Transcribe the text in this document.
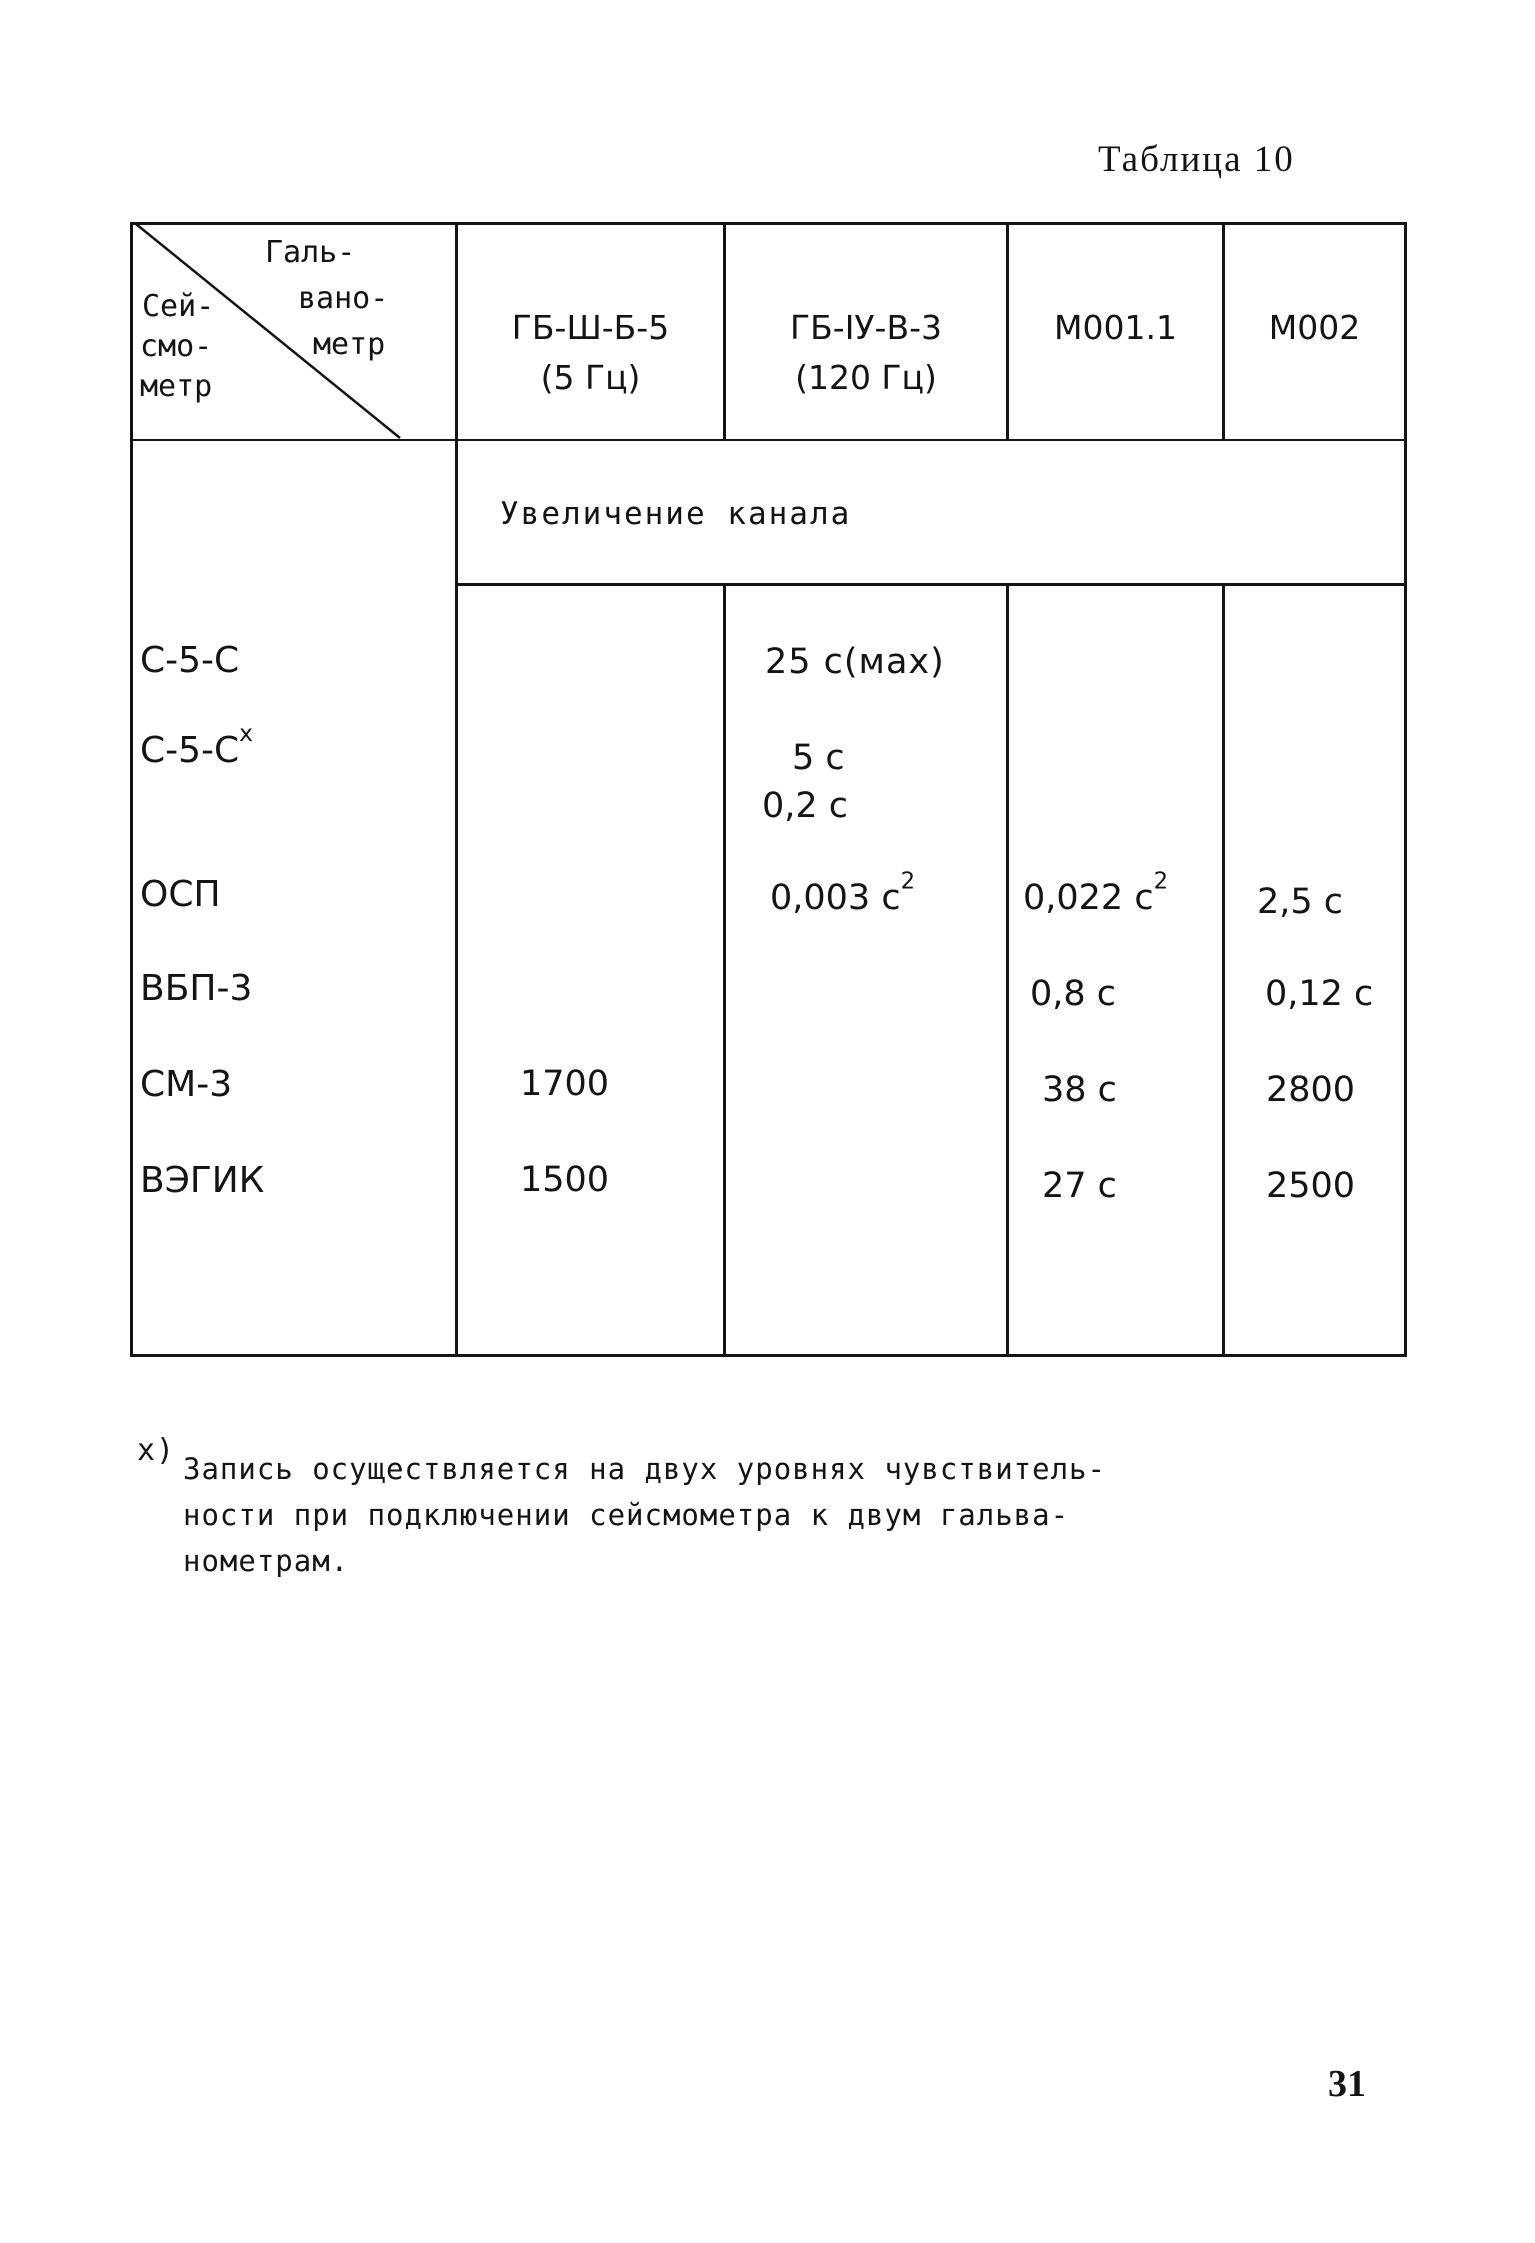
Таблица 10
Галь-
вано-
метр
Сей-
смо-
метр
ГБ-Ш-Б-5
(5 Гц)
ГБ-IУ-В-3
(120 Гц)
М001.1	М002
Увеличение канала
С-5-С
$С-5-С^x$
ОСП
ВБП-3
СМ-3
ВЭГИК
1700
1500
25 с(мах)
5 с
0,2 с
0,003 $с^2$	0,022 $с^2$
0,8 с
38 с
27 с
2,5 с
0,12 с
2800
2500
x)
Запись осуществляется на двух уровнях чувствитель-
ности при подключении сейсмометра к двум гальва-
нометрам.
31
